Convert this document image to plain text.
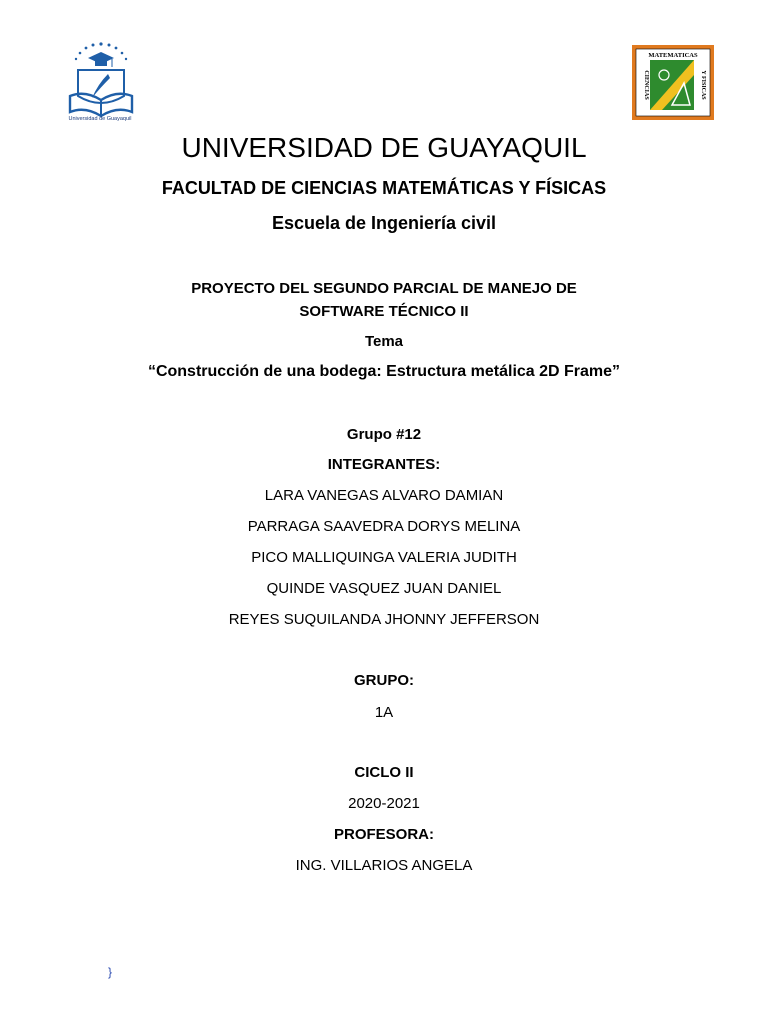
Universidad de Guayaquil
MATEMATICAS
CIENCIAS	Y FISICAS
UNIVERSIDAD DE GUAYAQUIL
FACULTAD DE CIENCIAS MATEMÁTICAS Y FÍSICAS
Escuela de Ingeniería civil
PROYECTO DEL SEGUNDO PARCIAL DE MANEJO DE
SOFTWARE TÉCNICO II
Tema
“Construcción de una bodega: Estructura metálica 2D Frame”
Grupo #12
INTEGRANTES:
LARA VANEGAS ALVARO DAMIAN
PARRAGA SAAVEDRA DORYS MELINA
PICO MALLIQUINGA VALERIA JUDITH
QUINDE VASQUEZ JUAN DANIEL
REYES SUQUILANDA JHONNY JEFFERSON
GRUPO:
1A
CICLO II
2020-2021
PROFESORA:
ING. VILLARIOS ANGELA
}
